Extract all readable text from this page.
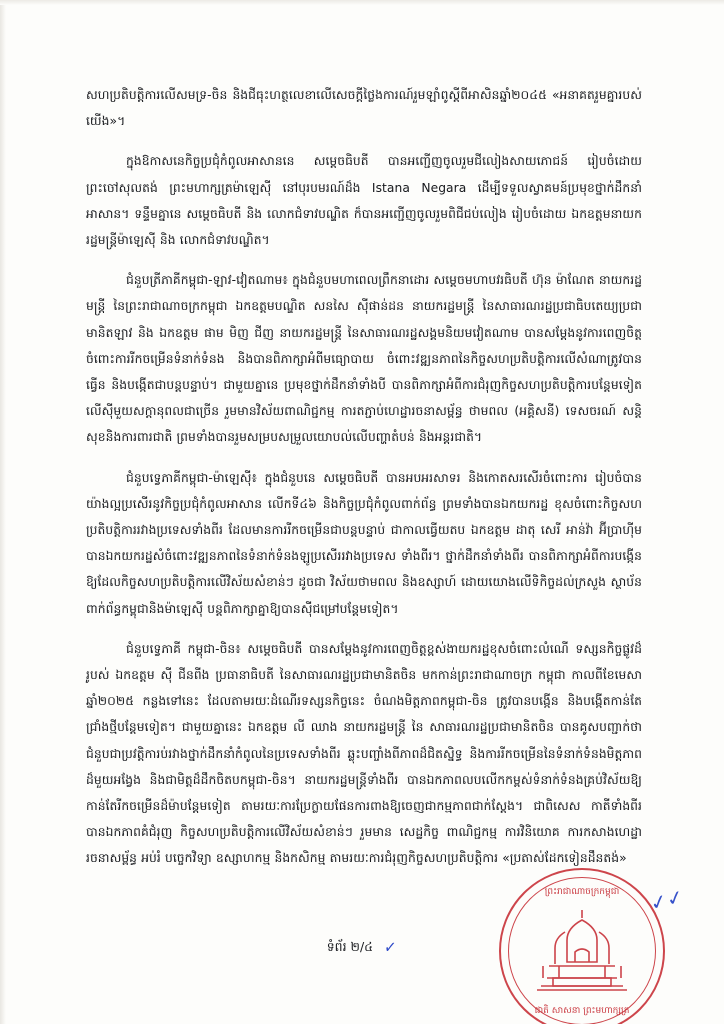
សហប្រតិបត្តិការលើសមទ្រ-ចិន និងជីធុះហត្ថលេខាលើសេចក្តីថ្លៃងការណ៍រួមឡាំពូស្តីពីអាសិនឆ្នាំ២០៤៥ «អនាគតរួមគ្នារបស់យើង»។

ក្នុងឱកាសនេកិច្ចប្រជុំកំពូលអាសាននេ សម្តេចធិបតី បានអញ្ជើញចូលរួមជីលៀងសាយភោជន៍ រៀបចំដោយ ព្រះចៅសុលតង់ ព្រះមហាក្សត្រម៉ាឡេស៊ី នៅបុរបមរណ៍ដ៏ង Istana Negara ដើម្បីទទួលស្វាគមន៍ប្រមុខថ្នាក់ដឹកនាំអាសាន។ ទន្ទឹមគ្នានេ សម្តេចធិបតី និង លោកជំទាវបណ្ឌិត ក៏បានអញ្ជើញចូលរួមពិជីជប់លៀង រៀបចំដោយ ឯកឧត្តមនាយករដ្ឋមន្ត្រីម៉ាឡេស៊ី និង លោកជំទាវបណ្ឌិត។

ជំនួបត្រីភាគីកម្ពុជា-ឡាវ-វៀតណាម៖ ក្នុងជំនួបមហាពេលព្រឹកនាដោរ សម្តេចមហាបវរធិបតី ហ៊ុន ម៉ាណែត នាយករដ្ឋមន្ត្រី នៃព្រះរាជាណាចក្រកម្ពុជា ឯកឧត្តមបណ្ឌិត សនសៃ ស៊ីផាន់ដន នាយករដ្ឋមន្ត្រី នៃសាធារណរដ្ឋប្រជាធិបតេយ្យប្រជាមានិតឡាវ និង ឯកឧត្តម ផាម មិញ ជីញ នាយករដ្ឋមន្ត្រី នៃសាធារណរដ្ឋសង្គមនិយមវៀតណាម បានសម្តែងនូវការពេញចិត្តចំពោះការរីកចម្រើនទំនាក់ទំនង និងបានពិភាក្សាអំពីមធ្យោបាយ ចំពោះវឌ្ឍនភាពនៃកិច្ចសហប្រតិបត្តិការលើសំណាត្រូវបានធ្វើន និងបង្កើតជាបន្តបន្ទាប់។ ជាមួយគ្នានេ ប្រមុខថ្នាក់ដឹកនាំទាំងបី បានពិភាក្សាអំពីការជំរុញកិច្ចសហប្រតិបត្តិការបន្តែមទៀត លើស៊ីមួយសក្តានុពលជាច្រើន រួមមានវិស័យពាណិជ្ជកម្ម ការតភ្ជាប់ហេដ្ឋារចនាសម្ព័ន្ធ ថាមពល (អគ្គិសនី) ទេសចរណ៍ សន្តិសុខនិងការពារជាតិ ព្រមទាំងបានរួមសម្របសម្រួលយោបល់លើបញ្ហាតំបន់ និងអន្តរជាតិ។

ជំនួបទ្វេភាគីកម្ពុជា-ម៉ាឡេស៊ី៖ ក្នុងជំនួបនេ សម្តេចធិបតី បានអបអរសាទរ និងកោតសរសើរចំពោះការ រៀបចំបានយ៉ាងល្អប្រសើរនូវកិច្ចប្រជុំកំពូលអាសាន លើកទី៤៦ និងកិច្ចប្រជុំកំពូលពាក់ព័ន្ធ ព្រមទាំងបានឯកយករដ្ឋ ខុសចំពោះកិច្ចសហប្រតិបត្តិការរវាងប្រទេសទាំងពីរ ដែលមានការរីកចម្រើនជាបន្តបន្ទាប់ ជាកាលធ្វើយតប ឯកឧត្តម ដាតុ សេរី អាន់វ៉ា អ៊ីប្រាហ៊ីម បានឯកយករដ្ឋសំចំពោះវឌ្ឍនភាពនៃទំនាក់ទំនងឡូប្រសើររវាងប្រទេស ទាំងពីរ។ ថ្នាក់ដឹកនាំទាំងពីរ បានពិភាក្សាអំពីការបង្កើនឱ្យដែលកិច្ចសហប្រតិបត្តិការលើវិស័យសំខាន់ៗ ដូចជា វិស័យថាមពល និងឧស្សាហ៍ ដោយយោងលើទិកិច្ចដល់ក្រសួង ស្ថាប័នពាក់ព័ន្ធកម្ពុជានិងម៉ាឡេស៊ី បន្តពិភាក្សាគ្នាឱ្យបានស៊ីជម្រៅបន្តែមទៀត។

ជំនួបទ្វេភាគី កម្ពុជា-ចិន៖ សម្តេចធិបតី បានសម្តែងនូវការពេញចិត្តខ្ពស់ងាយករដ្ឋខុសចំពោះលំណើ ទស្សនកិច្ចផ្លូវដ៏រូបស់ ឯកឧត្តម ស៊ី ជីនពីង ប្រធានាធិបតី នៃសាធារណរដ្ឋប្រជាមានិតចិន មកកាន់ព្រះរាជាណាចក្រ កម្ពុជា កាលពីខែមេសា ឆ្នាំ២០២៥ កន្លងទៅនេះ ដែលតាមរយៈដំណើរទស្សនកិច្ចនេះ ចំណងមិត្តភាពកម្ពុជា-ចិន ត្រូវបានបង្កើន និងបង្កើតកាន់តែជ្រាំងថ្មីបន្តែមទៀត។ ជាមួយគ្នានេះ ឯកឧត្តម លី ឈាង នាយករដ្ឋមន្ត្រី នៃ សាធារណរដ្ឋប្រជាមានិតចិន បានគូសបញ្ជាក់ថា ជំនួបជាប្រវត្តិការប់រវាងថ្នាក់ដឹកនាំកំពូលនៃប្រទេសទាំងពីរ ឆ្លុះបញ្ចាំងពីភាពដ៏ជិតស្និទ្ធ និងការរីកចម្រើននៃទំនាក់ទំនងមិត្តភាពដ៏មួយអង្វែង និងជាមិត្តដ៏ដឹកចិតបកម្ពុជា-ចិន។ នាយករដ្ឋមន្ត្រីទាំងពីរ បានឯកភាពលបលើកកម្ពស់ទំនាក់ទំនងគ្រប់វិស័យឱ្យកាន់តែរីកចម្រើនដ៏ម៉ាបន្តែមទៀត តាមរយៈការប្រែក្លាយផែនការពាងឱ្យចេញជាកម្មភាពជាក់ស្តែង។ ជាពិសេស កាតីទាំងពីរបានឯកភាពគំជំរុញ កិច្ចសហប្រតិបត្តិការលើវិស័យសំខាន់ៗ រួមមាន សេដ្ឋកិច្ច ពាណិជ្ជកម្ម ការវិនិយោគ ការកសាងហេដ្ឋារចនាសម្ព័ន្ធ អប់រំ បច្ចេកវិទ្យា ឧស្សាហកម្ម និងកសិកម្ម តាមរយៈការជំរុញកិច្ចសហប្រតិបត្តិការ «ប្រតាស់ដែកទៀនដឹនតង់»

ទំព័រ ២/៤ ✓
ព្រះរាជាណាចក្រកម្ពុជា
ជាតិ សាសនា ព្រះមហាក្សត្រ
✓✓
